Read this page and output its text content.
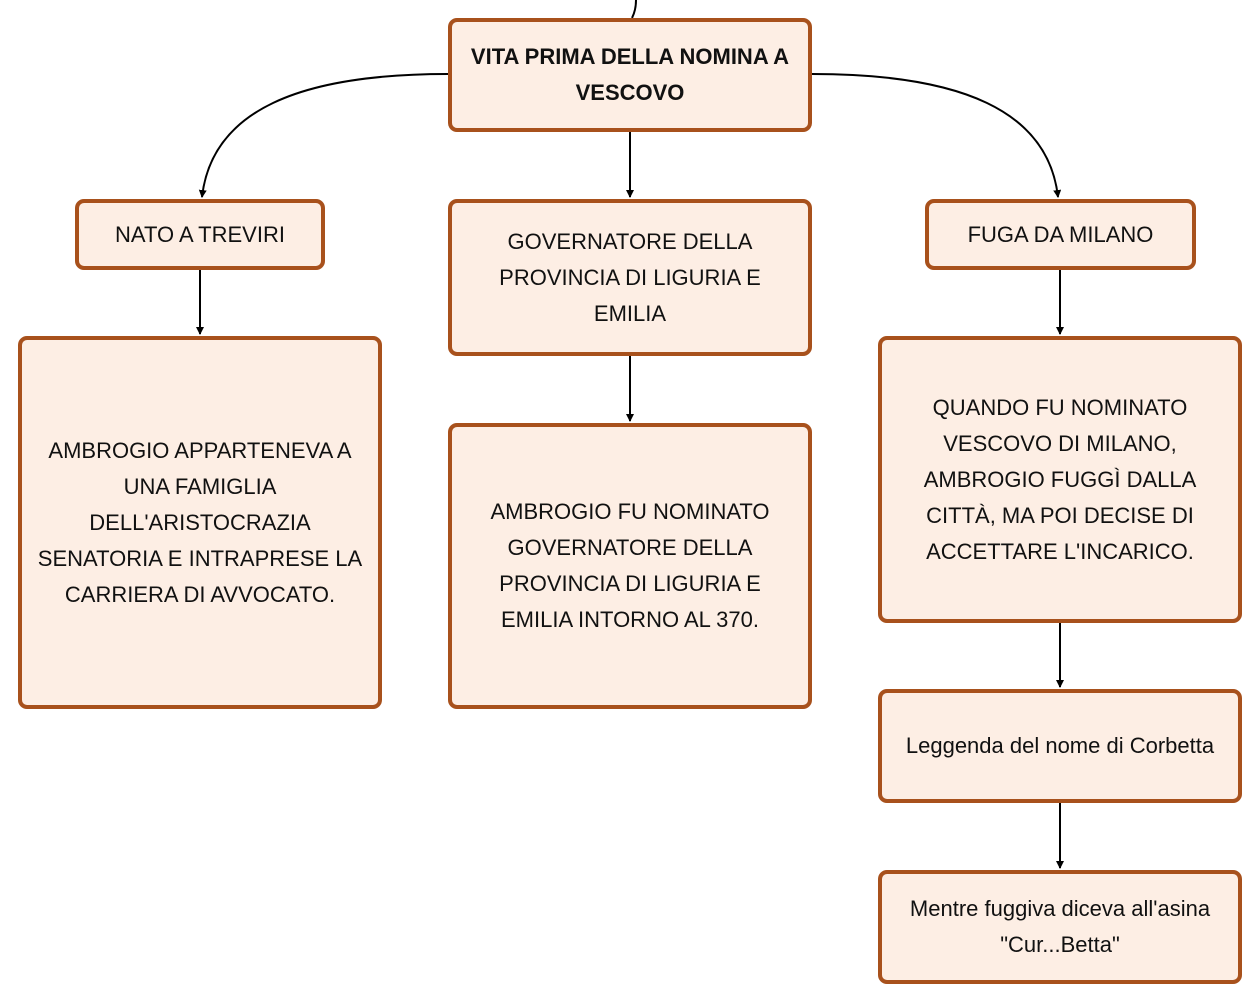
VITA PRIMA DELLA NOMINA A VESCOVO
NATO A TREVIRI	GOVERNATORE DELLA PROVINCIA DI LIGURIA E EMILIA
FUGA DA MILANO
AMBROGIO APPARTENEVA A UNA FAMIGLIA DELL'ARISTOCRAZIA SENATORIA E INTRAPRESE LA CARRIERA DI AVVOCATO.
AMBROGIO FU NOMINATO GOVERNATORE DELLA PROVINCIA DI LIGURIA E EMILIA INTORNO AL 370.
QUANDO FU NOMINATO VESCOVO DI MILANO, AMBROGIO FUGGÌ DALLA CITTÀ, MA POI DECISE DI ACCETTARE L'INCARICO.
Leggenda del nome di Corbetta
Mentre fuggiva diceva all'asina "Cur...Betta"
